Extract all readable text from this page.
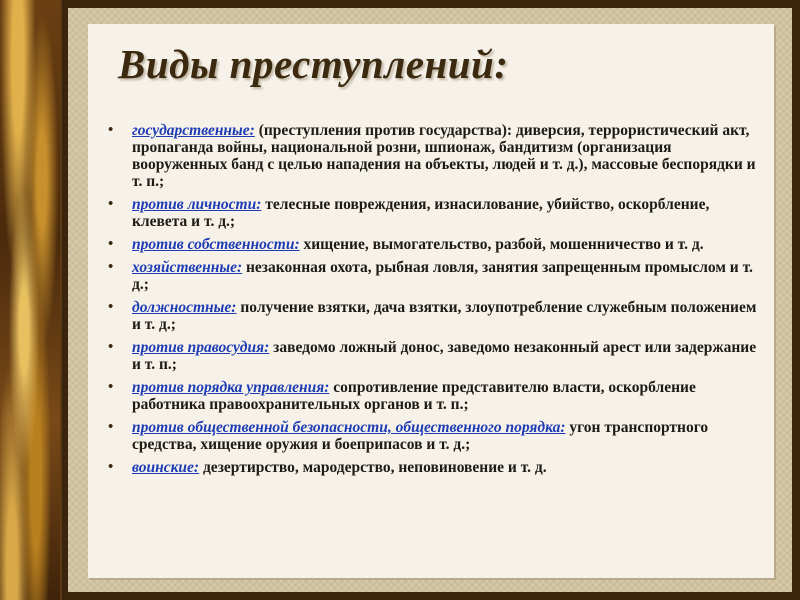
Виды преступлений:
• государственные: (преступления против государства): диверсия, террористический акт, пропаганда войны, национальной розни, шпионаж, бандитизм (организация вооруженных банд с целью нападения на объекты, людей и т. д.), массовые беспорядки и т. п.;
• против личности: телесные повреждения, изнасилование, убийство, оскорбление, клевета и т. д.;
• против собственности: хищение, вымогательство, разбой, мошенничество и т. д.
• хозяйственные: незаконная охота, рыбная ловля, занятия запрещенным промыслом и т. д.;
• должностные: получение взятки, дача взятки, злоупотребление служебным положением и т. д.;
• против правосудия: заведомо ложный донос, заведомо незаконный арест или задержание и т. п.;
• против порядка управления: сопротивление представителю власти, оскорбление работника правоохранительных органов и т. п.;
• против общественной безопасности, общественного порядка: угон транспортного средства, хищение оружия и боеприпасов и т. д.;
• воинские: дезертирство, мародерство, неповиновение и т. д.
